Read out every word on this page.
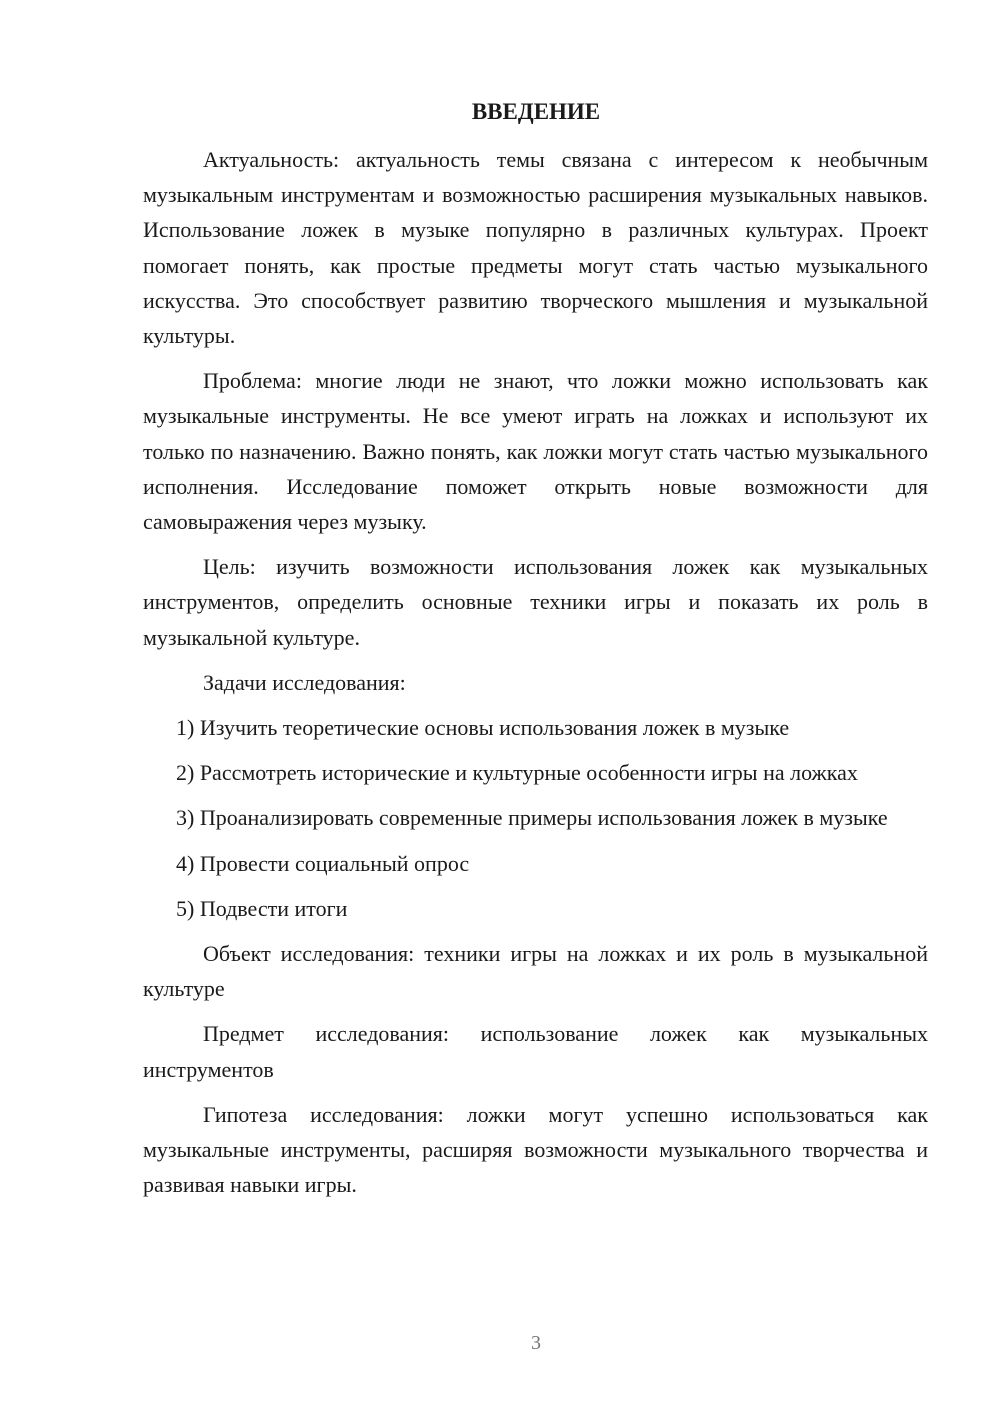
ВВЕДЕНИЕ

Актуальность: актуальность темы связана с интересом к необычным музыкальным инструментам и возможностью расширения музыкальных навыков. Использование ложек в музыке популярно в различных культурах. Проект помогает понять, как простые предметы могут стать частью музыкального искусства. Это способствует развитию творческого мышления и музыкальной культуры.

Проблема: многие люди не знают, что ложки можно использовать как музыкальные инструменты. Не все умеют играть на ложках и используют их только по назначению. Важно понять, как ложки могут стать частью музыкального исполнения. Исследование поможет открыть новые возможности для самовыражения через музыку.

Цель: изучить возможности использования ложек как музыкальных инструментов, определить основные техники игры и показать их роль в музыкальной культуре.

Задачи исследования:

1) Изучить теоретические основы использования ложек в музыке

2) Рассмотреть исторические и культурные особенности игры на ложках

3) Проанализировать современные примеры использования ложек в музыке

4) Провести социальный опрос

5) Подвести итоги

Объект исследования: техники игры на ложках и их роль в музыкальной культуре

Предмет исследования: использование ложек как музыкальных инструментов

Гипотеза исследования: ложки могут успешно использоваться как музыкальные инструменты, расширяя возможности музыкального творчества и развивая навыки игры.

3
